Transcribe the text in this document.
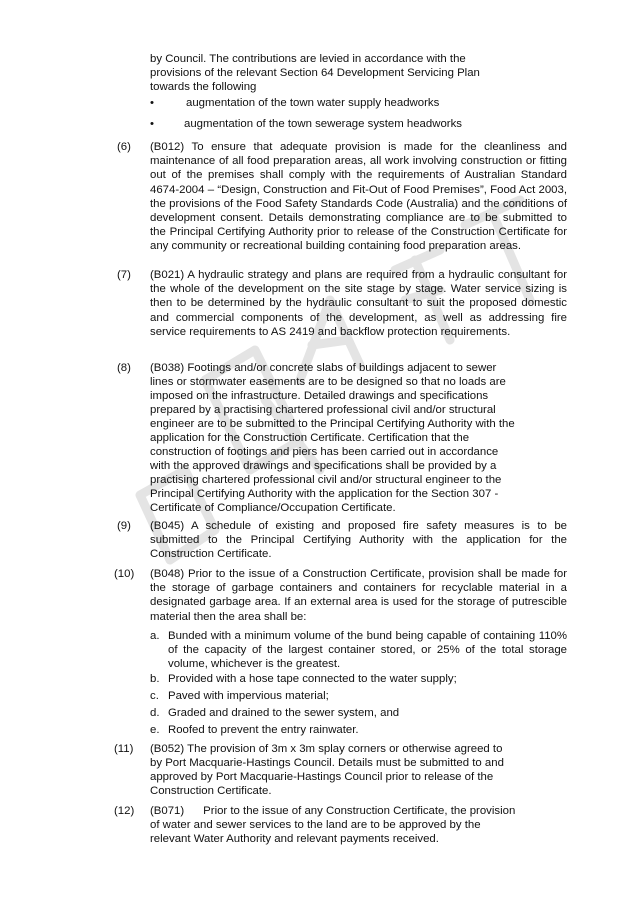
by Council. The contributions are levied in accordance with the
provisions of the relevant Section 64 Development Servicing Plan
towards the following
•	augmentation of the town water supply headworks
•	augmentation of the town sewerage system headworks
(6)	(B012) To ensure that adequate provision is made for the cleanliness and maintenance of all food preparation areas, all work involving construction or fitting out of the premises shall comply with the requirements of Australian Standard 4674-2004 – “Design, Construction and Fit-Out of Food Premises”, Food Act 2003, the provisions of the Food Safety Standards Code (Australia) and the conditions of development consent. Details demonstrating compliance are to be submitted to the Principal Certifying Authority prior to release of the Construction Certificate for any community or recreational building containing food preparation areas.
(7)	(B021) A hydraulic strategy and plans are required from a hydraulic consultant for the whole of the development on the site stage by stage. Water service sizing is then to be determined by the hydraulic consultant to suit the proposed domestic and commercial components of the development, as well as addressing fire service requirements to AS 2419 and backflow protection requirements.
(8)	(B038) Footings and/or concrete slabs of buildings adjacent to sewer
lines or stormwater easements are to be designed so that no loads are
imposed on the infrastructure. Detailed drawings and specifications
prepared by a practising chartered professional civil and/or structural
engineer are to be submitted to the Principal Certifying Authority with the
application for the Construction Certificate. Certification that the
construction of footings and piers has been carried out in accordance
with the approved drawings and specifications shall be provided by a
practising chartered professional civil and/or structural engineer to the
Principal Certifying Authority with the application for the Section 307 -
Certificate of Compliance/Occupation Certificate.
(9)	(B045) A schedule of existing and proposed fire safety measures is to be submitted to the Principal Certifying Authority with the application for the Construction Certificate.
(10)	(B048) Prior to the issue of a Construction Certificate, provision shall be made for the storage of garbage containers and containers for recyclable material in a designated garbage area. If an external area is used for the storage of putrescible material then the area shall be:
a. Bunded with a minimum volume of the bund being capable of containing 110% of the capacity of the largest container stored, or 25% of the total storage volume, whichever is the greatest.
b. Provided with a hose tape connected to the water supply;
c. Paved with impervious material;
d. Graded and drained to the sewer system, and
e. Roofed to prevent the entry rainwater.
(11)	(B052) The provision of 3m x 3m splay corners or otherwise agreed to
by Port Macquarie-Hastings Council. Details must be submitted to and
approved by Port Macquarie-Hastings Council prior to release of the
Construction Certificate.
(12)	(B071)      Prior to the issue of any Construction Certificate, the provision
of water and sewer services to the land are to be approved by the
relevant Water Authority and relevant payments received.
